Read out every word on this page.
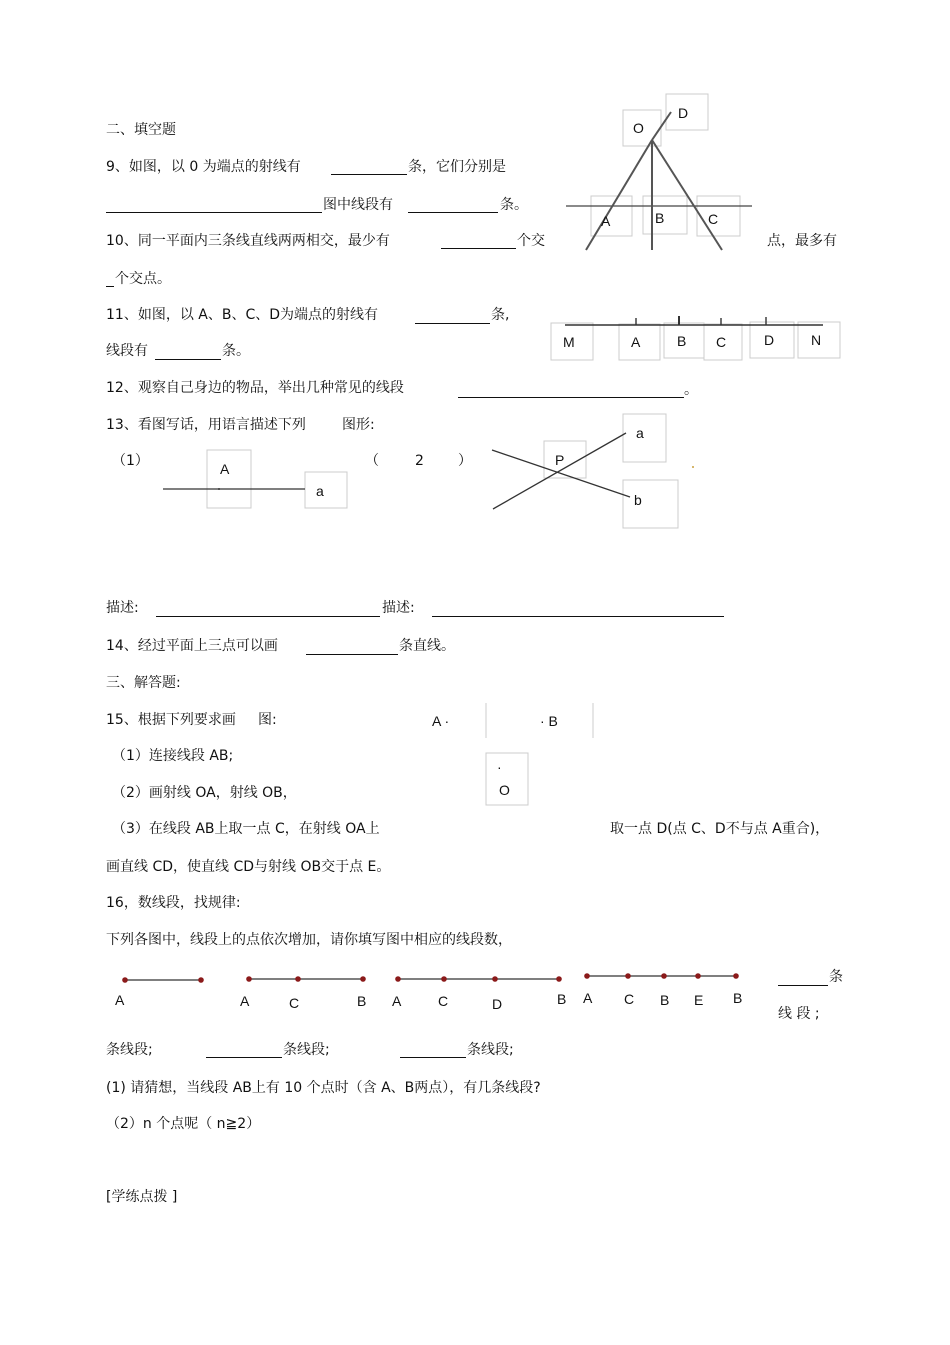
二、填空题
9、如图，以 0 为端点的射线有	条，它们分别是
图中线段有	条。
10、同一平面内三条线直线两两相交，最少有	个交	点，最多有
个交点。
11、如图，以 A、B、C、D为端点的射线有	条,
线段有	条。
12、观察自己身边的物品，举出几种常见的线段	。
13、看图写话，用语言描述下列	图形:
（1）	（	2 ）
描述:	描述:
14、经过平面上三点可以画	条直线。
三、解答题:
15、根据下列要求画 图:
（1）连接线段 AB;
（2）画射线 OA，射线 OB，
（3）在线段 AB上取一点 C，在射线 OA上	取一点 D(点 C、D不与点 A重合)，
画直线 CD，使直线 CD与射线 OB交于点 E。
16，数线段，找规律:
下列各图中，线段上的点依次增加，请你填写图中相应的线段数，
条
线 段 ;
条线段;	条线段;	条线段;
(1) 请猜想，当线段 AB上有 10 个点时（含 A、B两点），有几条线段?
（2）n 个点呢（ n≧2）
[学练点拨 ]
O
D
A	B	C
M	A	B C	D	N
A
a
P
a
b
A ·	· B
·
O
A	A	C	B A	C	D	B A C B E B
